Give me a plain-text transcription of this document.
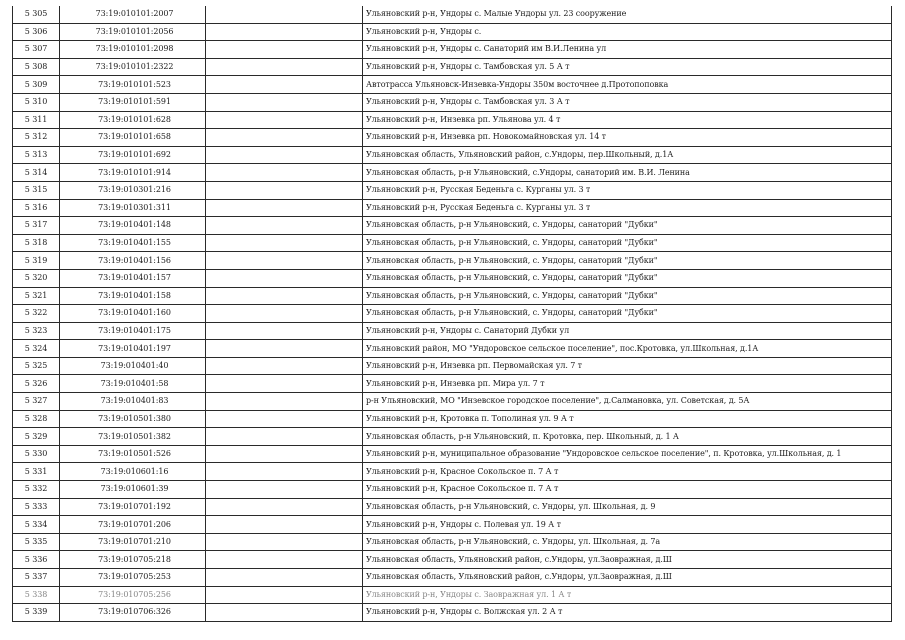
5 305	73:19:010101:2007		Ульяновский р-н, Ундоры с. Малые Ундоры ул. 23 сооружение
5 306	73:19:010101:2056		Ульяновский р-н, Ундоры с.
5 307	73:19:010101:2098		Ульяновский р-н, Ундоры с. Санаторий им В.И.Ленина ул
5 308	73:19:010101:2322		Ульяновский р-н, Ундоры с. Тамбовская ул. 5 А т
5 309	73:19:010101:523		Автотрасса Ульяновск-Инзевка-Ундоры 350м восточнее д.Протопоповка
5 310	73:19:010101:591		Ульяновский р-н, Ундоры с. Тамбовская ул. 3 А т
5 311	73:19:010101:628		Ульяновский р-н, Инзевка рп. Ульянова ул. 4 т
5 312	73:19:010101:658		Ульяновский р-н, Инзевка рп. Новокомайновская ул. 14 т
5 313	73:19:010101:692		Ульяновская область, Ульяновский район, с.Ундоры, пер.Школьный, д.1А
5 314	73:19:010101:914		Ульяновская область, р-н Ульяновский, с.Ундоры, санаторий им. В.И. Ленина
5 315	73:19:010301:216		Ульяновский р-н, Русская Беденьга с. Курганы ул. 3 т
5 316	73:19:010301:311		Ульяновский р-н, Русская Беденьга с. Курганы ул. 3 т
5 317	73:19:010401:148		Ульяновская область, р-н Ульяновский, с. Ундоры, санаторий "Дубки"
5 318	73:19:010401:155		Ульяновская область, р-н Ульяновский, с. Ундоры, санаторий "Дубки"
5 319	73:19:010401:156		Ульяновская область, р-н Ульяновский, с. Ундоры, санаторий "Дубки"
5 320	73:19:010401:157		Ульяновская область, р-н Ульяновский, с. Ундоры, санаторий "Дубки"
5 321	73:19:010401:158		Ульяновская область, р-н Ульяновский, с. Ундоры, санаторий "Дубки"
5 322	73:19:010401:160		Ульяновская область, р-н Ульяновский, с. Ундоры, санаторий "Дубки"
5 323	73:19:010401:175		Ульяновский р-н, Ундоры с. Санаторий Дубки ул
5 324	73:19:010401:197		Ульяновский район, МО "Ундоровское сельское поселение", пос.Кротовка, ул.Школьная, д.1А
5 325	73:19:010401:40		Ульяновский р-н, Инзевка рп. Первомайская ул. 7 т
5 326	73:19:010401:58		Ульяновский р-н, Инзевка рп. Мира ул. 7 т
5 327	73:19:010401:83		р-н Ульяновский, МО "Инзевское городское поселение", д.Салмановка, ул. Советская, д. 5А
5 328	73:19:010501:380		Ульяновский р-н, Кротовка п. Тополиная ул. 9 А т
5 329	73:19:010501:382		Ульяновская область, р-н Ульяновский, п. Кротовка, пер. Школьный, д. 1 А
5 330	73:19:010501:526		Ульяновский р-н, муниципальное образование "Ундоровское сельское поселение", п. Кротовка, ул.Школьная, д. 1
5 331	73:19:010601:16		Ульяновский р-н, Красное Сокольское п. 7 А т
5 332	73:19:010601:39		Ульяновский р-н, Красное Сокольское п. 7 А т
5 333	73:19:010701:192		Ульяновская область, р-н Ульяновский, с. Ундоры, ул. Школьная, д. 9
5 334	73:19:010701:206		Ульяновский р-н, Ундоры с. Полевая ул. 19 А т
5 335	73:19:010701:210		Ульяновская область, р-н Ульяновский, с. Ундоры, ул. Школьная, д. 7а
5 336	73:19:010705:218		Ульяновская область, Ульяновский район, с.Ундоры, ул.Заовражная, д.Ш
5 337	73:19:010705:253		Ульяновская область, Ульяновский район, с.Ундоры, ул.Заовражная, д.Ш
5 338	73:19:010705:256		Ульяновский р-н, Ундоры с. Заовражная ул. 1 А т
5 339	73:19:010706:326		Ульяновский р-н, Ундоры с. Волжская ул. 2 А т
